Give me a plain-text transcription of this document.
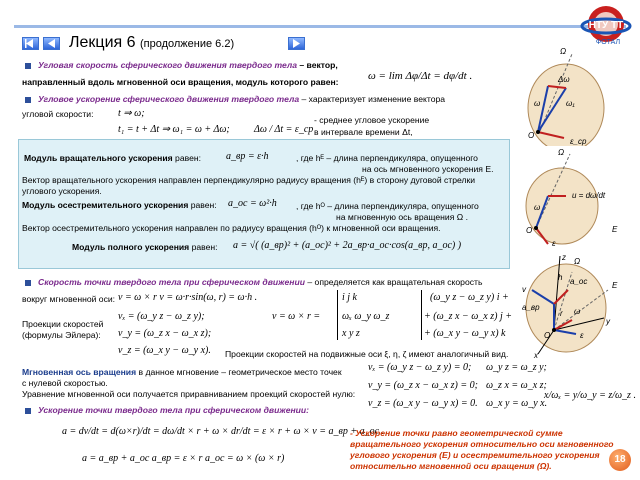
Лекция 6 (продолжение 6.2)
НТУ ТТ
ФОТАЛ
Угловая скорость сферического движения твердого тела – вектор,
направленный вдоль мгновенной оси вращения, модуль которого равен:	ω = lim Δφ/Δt = dφ/dt .
Угловое ускорение сферического движения твердого тела – характеризует изменение вектора
угловой скорости: t ⇒ ω;
t₁ = t + Δt ⇒ ω₁ = ω + Δω; Δω / Δt = ε_ср
- среднее угловое ускорение
в интервале времени Δt,
Модуль вращательного ускорения равен: a_вр = ε·h	, где hᴱ – длина перпендикуляра, опущенного
на ось мгновенного ускорения E.
Вектор вращательного ускорения направлен перпендикулярно радиусу вращения (hᴱ) в сторону дуговой стрелки
углового ускорения.
Модуль осестремительного ускорения равен: a_oc = ω²·h , где hᴼ – длина перпендикуляра, опущенного
на мгновенную ось вращения Ω .
Вектор осестремительного ускорения направлен по радиусу вращения (hᴼ) к мгновенной оси вращения.
Модуль полного ускорения равен: a = √( (a_вр)² + (a_oc)² + 2a_вр·a_oc·cos(a_вр, a_oc) )
Скорость точки твердого тела при сферическом движении – определяется как вращательная скорость
вокруг мгновенной оси: v = ω × r v = ω·r·sin(ω, r) = ω·h .
Проекции скоростей
(формулы Эйлера):
vₓ = (ω_y z − ω_z y);
v_y = (ω_z x − ω_x z);
v_z = (ω_x y − ω_y x).
i j k
v = ω × r = ωₓ ω_y ω_z
x y z
(ω_y z − ω_z y) i +
+ (ω_z x − ω_x z) j +
+ (ω_x y − ω_y x) k
Проекции скоростей на подвижные оси ξ, η, ζ имеют аналогичный вид.
Мгновенная ось вращения в данное мгновение – геометрическое место точек
с нулевой скоростью.
Уравнение мгновенной оси получается приравниванием проекций скоростей нулю:
vₓ = (ω_y z − ω_z y) = 0;
v_y = (ω_z x − ω_x z) = 0;
v_z = (ω_x y − ω_y x) = 0.
ω_y z = ω_z y;
ω_z x = ω_x z;
ω_x y = ω_y x.
x/ωₓ = y/ω_y = z/ω_z .
Ускорение точки твердого тела при сферическом движении:
a = dv/dt = d(ω×r)/dt = dω/dt × r + ω × dr/dt = ε × r + ω × v = a_вр + a_oc .
a = a_вр + a_oc a_вр = ε × r a_oc = ω × (ω × r)
- Ускорение точки равно геометрической сумме
вращательного ускорения относительно оси мгновенного
углового ускорения (E) и осестремительного ускорения
относительно мгновенной оси вращения (Ω).
18
Ω
O
ω
Δω
ω₁
ε_ср
Ω
O
ω
u = dω/dt
ε
E
Ω
E
z
h
v
a_oc
a_вр
r
O
y
x
ω
ε
